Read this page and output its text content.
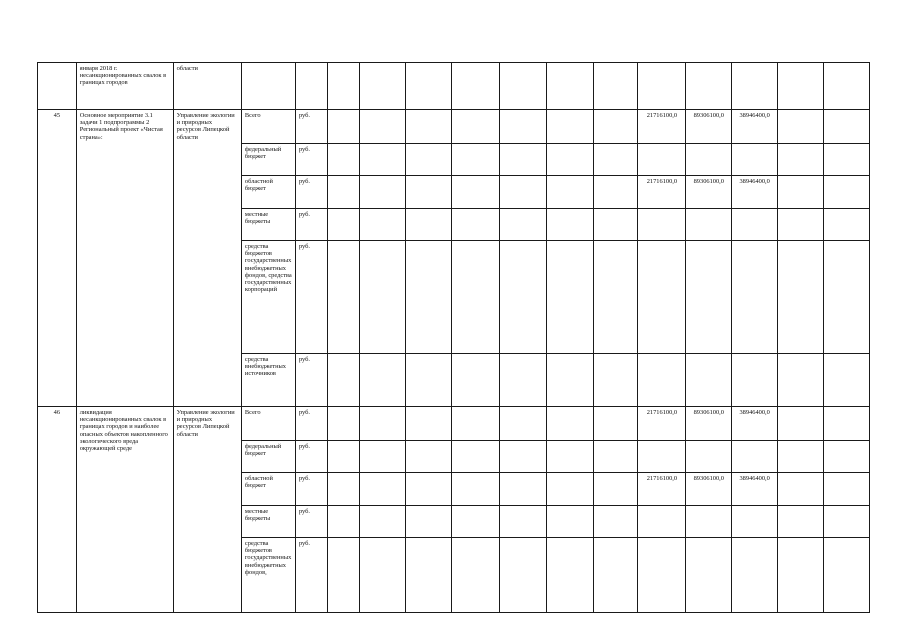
	января 2018 г. несанкционированных свалок в границах городов	области														
45	Основное мероприятие 3.1 задачи 1 подпрограммы 2 Региональный проект «Чистая страна»:	Управление экологии и природных ресурсов Липецкой области	Всего	руб.								21716100,0	89306100,0	38946400,0		
			федеральный бюджет	руб.												
			областной бюджет	руб.								21716100,0	89306100,0	38946400,0		
			местные бюджеты	руб.												
			средства бюджетов государственных внебюджетных фондов, средства государственных корпораций	руб.												
			средства внебюджетных источников	руб.												
46	ликвидация несанкционированных свалок в границах городов и наиболее опасных объектов накопленного экологического вреда окружающей среде	Управление экологии и природных ресурсов Липецкой области	Всего	руб.								21716100,0	89306100,0	38946400,0		
			федеральный бюджет	руб.												
			областной бюджет	руб.								21716100,0	89306100,0	38946400,0		
			местные бюджеты	руб.												
			средства бюджетов государственных внебюджетных фондов,	руб.												
